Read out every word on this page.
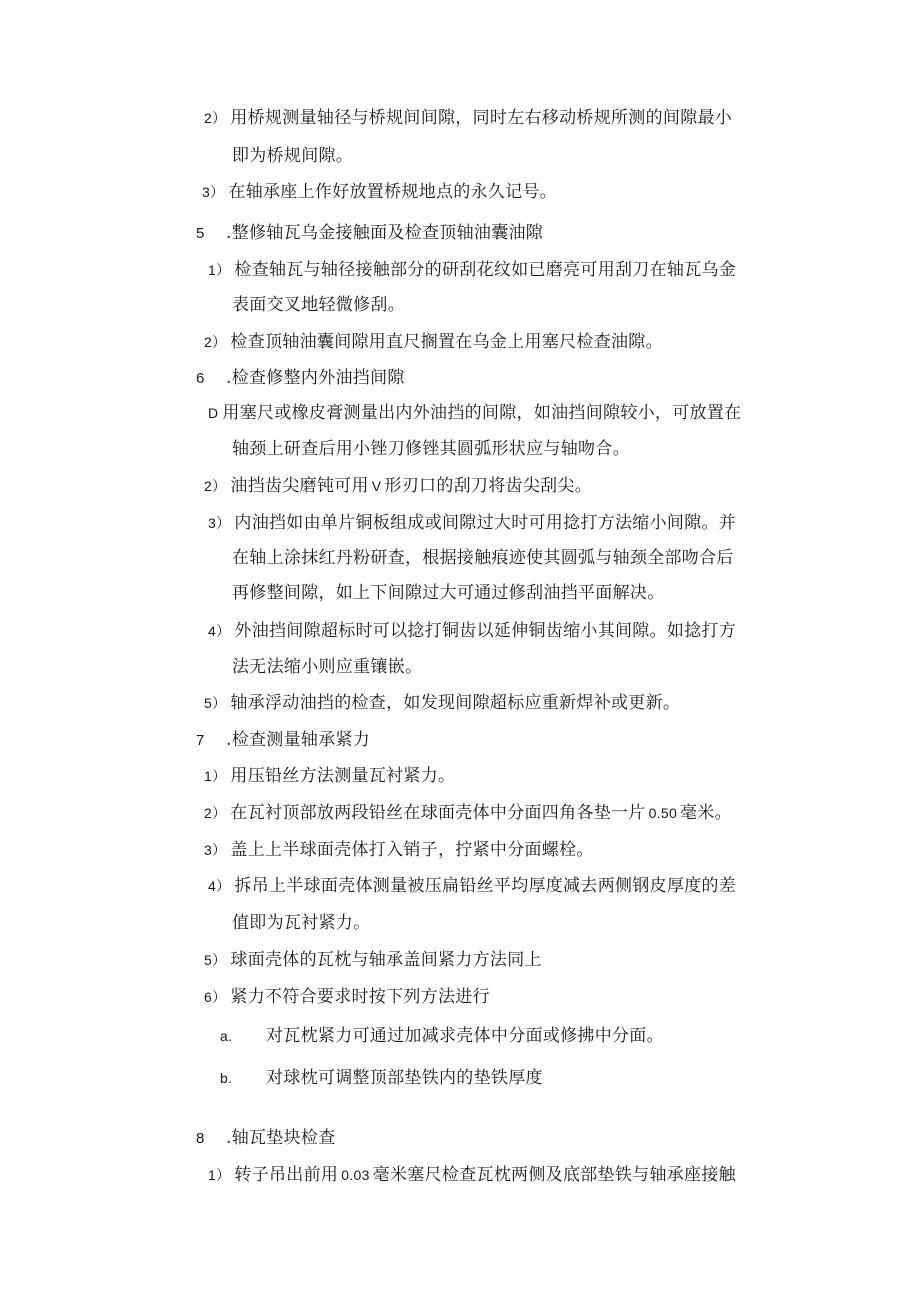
2） 用桥规测量轴径与桥规间间隙，同时左右移动桥规所测的间隙最小
即为桥规间隙。
3） 在轴承座上作好放置桥规地点的永久记号。
5 .整修轴瓦乌金接触面及检查顶轴油囊油隙
1） 检查轴瓦与轴径接触部分的研刮花纹如已磨亮可用刮刀在轴瓦乌金
表面交叉地轻微修刮。
2） 检查顶轴油囊间隙用直尺搁置在乌金上用塞尺检查油隙。
6 .检查修整内外油挡间隙
D 用塞尺或橡皮膏测量出内外油挡的间隙，如油挡间隙较小，可放置在
轴颈上研查后用小锉刀修锉其圆弧形状应与轴吻合。
2） 油挡齿尖磨钝可用 V 形刃口的刮刀将齿尖刮尖。
3） 内油挡如由单片铜板组成或间隙过大时可用捻打方法缩小间隙。并
在轴上涂抹红丹粉研查，根据接触痕迹使其圆弧与轴颈全部吻合后
再修整间隙，如上下间隙过大可通过修刮油挡平面解决。
4） 外油挡间隙超标时可以捻打铜齿以延伸铜齿缩小其间隙。如捻打方
法无法缩小则应重镶嵌。
5） 轴承浮动油挡的检查，如发现间隙超标应重新焊补或更新。
7 .检查测量轴承紧力
1） 用压铅丝方法测量瓦衬紧力。
2） 在瓦衬顶部放两段铅丝在球面壳体中分面四角各垫一片 0.50 毫米。
3） 盖上上半球面壳体打入销子，拧紧中分面螺栓。
4） 拆吊上半球面壳体测量被压扁铅丝平均厚度减去两侧钢皮厚度的差
值即为瓦衬紧力。
5） 球面壳体的瓦枕与轴承盖间紧力方法同上
6） 紧力不符合要求时按下列方法进行
a. 对瓦枕紧力可通过加减求壳体中分面或修拂中分面。
b. 对球枕可调整顶部垫铁内的垫铁厚度
8 .轴瓦垫块检查
1） 转子吊出前用 0.03 毫米塞尺检查瓦枕两侧及底部垫铁与轴承座接触
